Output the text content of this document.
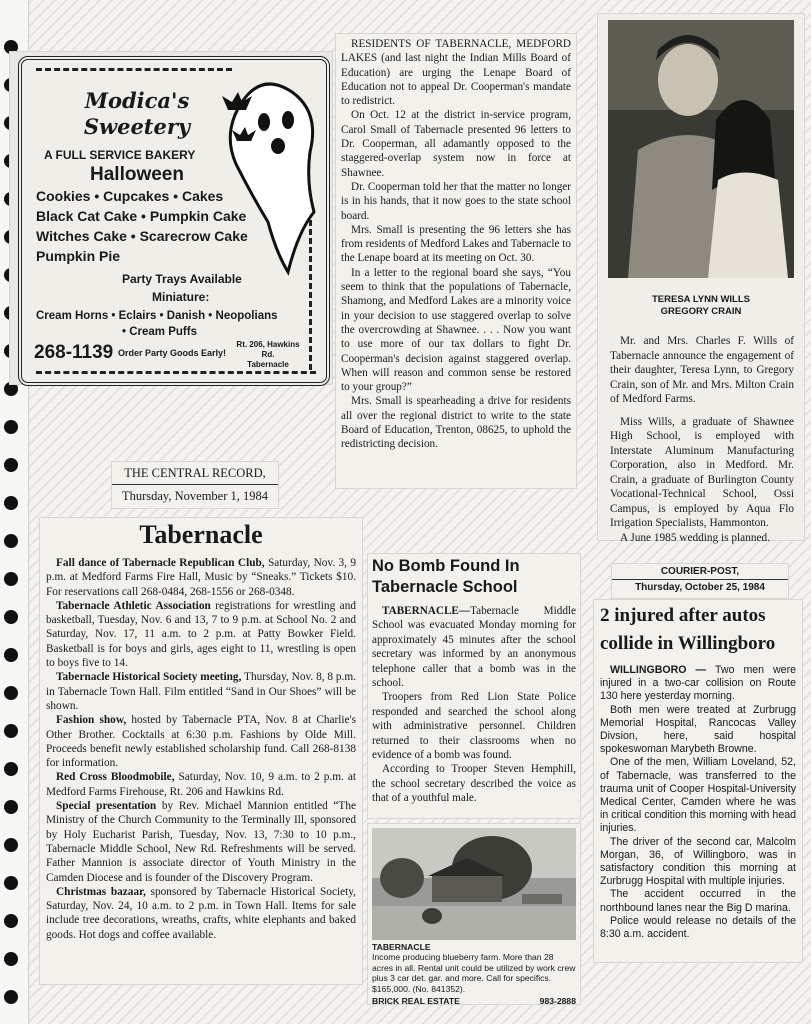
Modica's
Sweetery
A FULL SERVICE BAKERY
Halloween
Cookies • Cupcakes • Cakes
Black Cat Cake • Pumpkin Cake
Witches Cake • Scarecrow Cake
Pumpkin Pie
Party Trays Available
Miniature:
Cream Horns • Eclairs • Danish • Neopolians
• Cream Puffs
268-1139 Order Party Goods Early!
Rt. 206, Hawkins Rd.
Tabernacle

RESIDENTS OF TABERNACLE, MEDFORD LAKES (and last night the Indian Mills Board of Education) are urging the Lenape Board of Education not to appeal Dr. Cooperman's mandate to redistrict.

On Oct. 12 at the district in-service program, Carol Small of Tabernacle presented 96 letters to Dr. Cooperman, all adamantly opposed to the staggered-overlap system now in force at Shawnee.

Dr. Cooperman told her that the matter no longer is in his hands, that it now goes to the state school board.

Mrs. Small is presenting the 96 letters she has from residents of Medford Lakes and Tabernacle to the Lenape board at its meeting on Oct. 30.

In a letter to the regional board she says, “You seem to think that the populations of Tabernacle, Shamong, and Medford Lakes are a minority voice in your decision to use staggered overlap to solve the overcrowding at Shawnee. . . . Now you want to use more of our tax dollars to fight Dr. Cooperman's decision against staggered overlap. When will reason and common sense be restored to your group?”

Mrs. Small is spearheading a drive for residents all over the regional district to write to the state Board of Education, Trenton, 08625, to uphold the redistricting decision.

TERESA LYNN WILLS
GREGORY CRAIN

Mr. and Mrs. Charles F. Wills of Tabernacle announce the engagement of their daughter, Teresa Lynn, to Gregory Crain, son of Mr. and Mrs. Milton Crain of Medford Farms.

Miss Wills, a graduate of Shawnee High School, is employed with Interstate Aluminum Manufacturing Corporation, also in Medford. Mr. Crain, a graduate of Burlington County Vocational-Technical School, Ossi Campus, is employed by Aqua Flo Irrigation Specialists, Hammonton.

A June 1985 wedding is planned.

THE CENTRAL RECORD,
Thursday, November 1, 1984
Tabernacle

Fall dance of Tabernacle Republican Club, Saturday, Nov. 3, 9 p.m. at Medford Farms Fire Hall, Music by “Sneaks.” Tickets $10. For reservations call 268-0484, 268-1556 or 268-0348.

Tabernacle Athletic Association registrations for wrestling and basketball, Tuesday, Nov. 6 and 13, 7 to 9 p.m. at School No. 2 and Saturday, Nov. 17, 11 a.m. to 2 p.m. at Patty Bowker Field. Basketball is for boys and girls, ages eight to 11, wrestling is open to boys five to 14.

Tabernacle Historical Society meeting, Thursday, Nov. 8, 8 p.m. in Tabernacle Town Hall. Film entitled “Sand in Our Shoes” will be shown.

Fashion show, hosted by Tabernacle PTA, Nov. 8 at Charlie's Other Brother. Cocktails at 6:30 p.m. Fashions by Olde Mill. Proceeds benefit newly established scholarship fund. Call 268-8138 for information.

Red Cross Bloodmobile, Saturday, Nov. 10, 9 a.m. to 2 p.m. at Medford Farms Firehouse, Rt. 206 and Hawkins Rd.

Special presentation by Rev. Michael Mannion entitled “The Ministry of the Church Community to the Terminally Ill, sponsored by Holy Eucharist Parish, Tuesday, Nov. 13, 7:30 to 10 p.m., Tabernacle Middle School, New Rd. Refreshments will be served. Father Mannion is associate director of Youth Ministry in the Camden Diocese and is founder of the Discovery Program.

Christmas bazaar, sponsored by Tabernacle Historical Society, Saturday, Nov. 24, 10 a.m. to 2 p.m. in Town Hall. Items for sale include tree decorations, wreaths, crafts, white elephants and baked goods. Hot dogs and coffee available.

No Bomb Found In Tabernacle School

TABERNACLE—Tabernacle Middle School was evacuated Monday morning for approximately 45 minutes after the school secretary was informed by an anonymous telephone caller that a bomb was in the school.

Troopers from Red Lion State Police responded and searched the school along with administrative personnel. Children returned to their classrooms when no evidence of a bomb was found.

According to Trooper Steven Hemphill, the school secretary described the voice as that of a youthful male.

TABERNACLE
Income producing blueberry farm. More than 28 acres in all. Rental unit could be utilized by work crew plus 3 car det. gar. and more. Call for specifics. $165,000. (No. 841352).
BRICK REAL ESTATE	983-2888
COURIER-POST,
Thursday, October 25, 1984
2 injured after autos collide in Willingboro

WILLINGBORO — Two men were injured in a two-car collision on Route 130 here yesterday morning.

Both men were treated at Zurbrugg Memorial Hospital, Rancocas Valley Divsion, here, said hospital spokeswoman Marybeth Browne.

One of the men, William Loveland, 52, of Tabernacle, was transferred to the trauma unit of Cooper Hospital-University Medical Center, Camden where he was in critical condition this morning with head injuries.

The driver of the second car, Malcolm Morgan, 36, of Willingboro, was in satisfactory condition this morning at Zurbrugg Hospital with multiple injuries.

The accident occurred in the northbound lanes near the Big D marina.

Police would release no details of the 8:30 a.m. accident.
